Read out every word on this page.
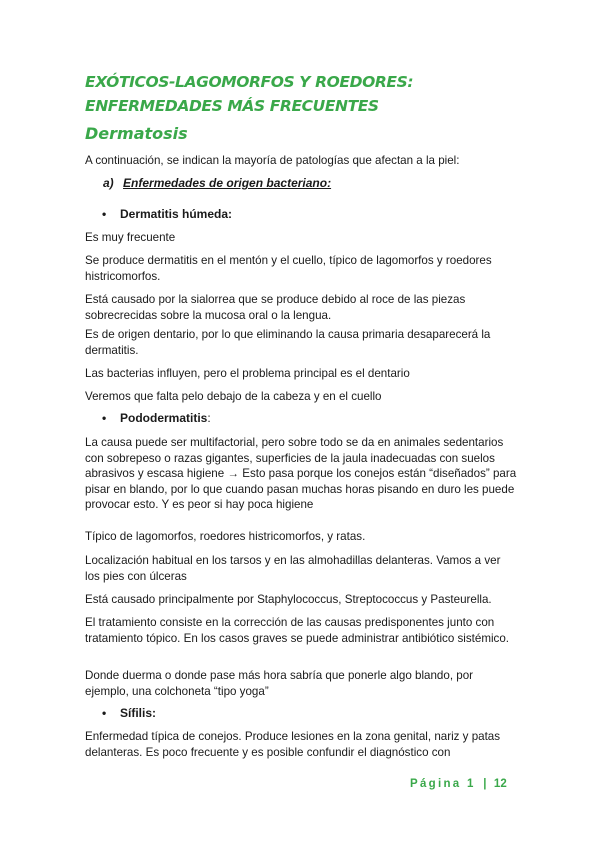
EXÓTICOS-LAGOMORFOS Y ROEDORES:
ENFERMEDADES MÁS FRECUENTES
Dermatosis

A continuación, se indican la mayoría de patologías que afectan a la piel:

a) Enfermedades de origen bacteriano:

• Dermatitis húmeda:

Es muy frecuente

Se produce dermatitis en el mentón y el cuello, típico de lagomorfos y roedores histricomorfos.

Está causado por la sialorrea que se produce debido al roce de las piezas sobrecrecidas sobre la mucosa oral o la lengua.

Es de origen dentario, por lo que eliminando la causa primaria desaparecerá la dermatitis.

Las bacterias influyen, pero el problema principal es el dentario

Veremos que falta pelo debajo de la cabeza y en el cuello

• Pododermatitis:

La causa puede ser multifactorial, pero sobre todo se da en animales sedentarios con sobrepeso o razas gigantes, superficies de la jaula inadecuadas con suelos abrasivos y escasa higiene → Esto pasa porque los conejos están “diseñados” para pisar en blando, por lo que cuando pasan muchas horas pisando en duro les puede provocar esto. Y es peor si hay poca higiene

Típico de lagomorfos, roedores histricomorfos, y ratas.

Localización habitual en los tarsos y en las almohadillas delanteras. Vamos a ver los pies con úlceras

Está causado principalmente por Staphylococcus, Streptococcus y Pasteurella.

El tratamiento consiste en la corrección de las causas predisponentes junto con tratamiento tópico. En los casos graves se puede administrar antibiótico sistémico.

Donde duerma o donde pase más hora sabría que ponerle algo blando, por ejemplo, una colchoneta “tipo yoga”

• Sífilis:

Enfermedad típica de conejos. Produce lesiones en la zona genital, nariz y patas delanteras. Es poco frecuente y es posible confundir el diagnóstico con

Página 1 | 12
